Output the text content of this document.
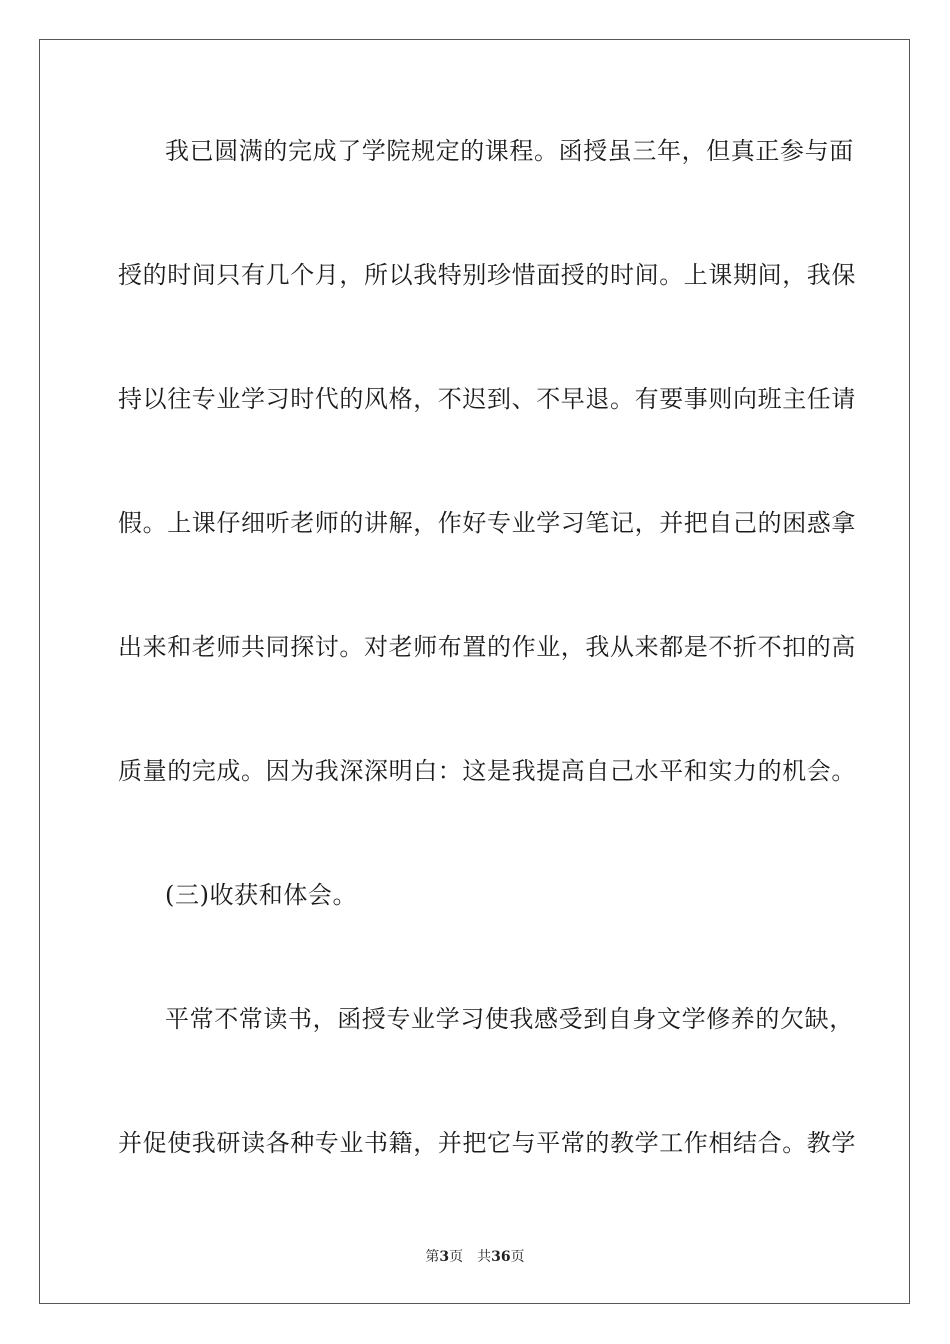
我已圆满的完成了学院规定的课程。函授虽三年，但真正参与面

授的时间只有几个月，所以我特别珍惜面授的时间。上课期间，我保

持以往专业学习时代的风格，不迟到、不早退。有要事则向班主任请

假。上课仔细听老师的讲解，作好专业学习笔记，并把自己的困惑拿

出来和老师共同探讨。对老师布置的作业，我从来都是不折不扣的高

质量的完成。因为我深深明白：这是我提高自己水平和实力的机会。

(三)收获和体会。

平常不常读书，函授专业学习使我感受到自身文学修养的欠缺，

并促使我研读各种专业书籍，并把它与平常的教学工作相结合。教学

第3页 共36页
